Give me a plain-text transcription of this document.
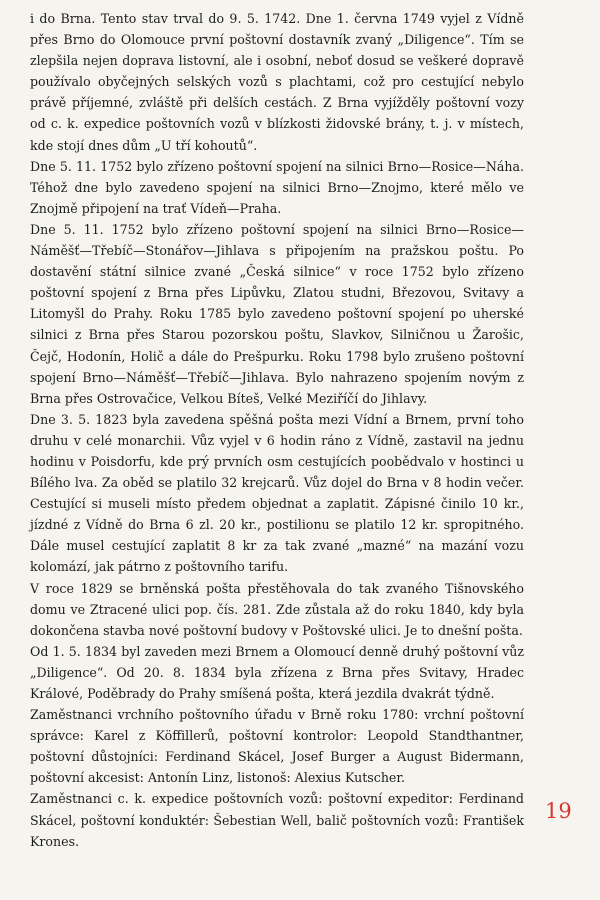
i do Brna. Tento stav trval do 9. 5. 1742. Dne 1. června 1749 vyjel z Vídně přes Brno do Olomouce první poštovní dostavník zvaný „Diligence“. Tím se zlepšila nejen doprava listovní, ale i osobní, neboť dosud se veškeré dopravě používalo obyčejných selských vozů s plachtami, což pro cestující nebylo právě příjemné, zvláště při delších cestách. Z Brna vyjížděly poštovní vozy od c. k. expedice poštovních vozů v blízkosti židovské brány, t. j. v místech, kde stojí dnes dům „U tří kohoutů“.

Dne 5. 11. 1752 bylo zřízeno poštovní spojení na silnici Brno—Rosice—Náha. Téhož dne bylo zavedeno spojení na silnici Brno—Znojmo, které mělo ve Znojmě připojení na trať Vídeň—Praha.

Dne 5. 11. 1752 bylo zřízeno poštovní spojení na silnici Brno—Rosice—Náměšť—Třebíč—Stonářov—Jihlava s připojením na pražskou poštu. Po dostavění státní silnice zvané „Česká silnice“ v roce 1752 bylo zřízeno poštovní spojení z Brna přes Lipůvku, Zlatou studni, Březovou, Svitavy a Litomyšl do Prahy. Roku 1785 bylo zavedeno poštovní spojení po uherské silnici z Brna přes Starou pozorskou poštu, Slavkov, Silničnou u Žarošic, Čejč, Hodonín, Holič a dále do Prešpurku. Roku 1798 bylo zrušeno poštovní spojení Brno—Náměšť—Třebíč—Jihlava. Bylo nahrazeno spojením novým z Brna přes Ostrovačice, Velkou Bíteš, Velké Meziříčí do Jihlavy.

Dne 3. 5. 1823 byla zavedena spěšná pošta mezi Vídní a Brnem, první toho druhu v celé monarchii. Vůz vyjel v 6 hodin ráno z Vídně, zastavil na jednu hodinu v Poisdorfu, kde prý prvních osm cestujících poobědvalo v hostinci u Bílého lva. Za oběd se platilo 32 krejcarů. Vůz dojel do Brna v 8 hodin večer. Cestující si museli místo předem objednat a zaplatit. Zápisné činilo 10 kr., jízdné z Vídně do Brna 6 zl. 20 kr., postilionu se platilo 12 kr. spropitného. Dále musel cestující zaplatit 8 kr za tak zvané „mazné“ na mazání vozu kolomází, jak pátrno z poštovního tarifu.

V roce 1829 se brněnská pošta přestěhovala do tak zvaného Tišnovského domu ve Ztracené ulici pop. čís. 281. Zde zůstala až do roku 1840, kdy byla dokončena stavba nové poštovní budovy v Poštovské ulici. Je to dnešní pošta.

Od 1. 5. 1834 byl zaveden mezi Brnem a Olomoucí denně druhý poštovní vůz „Diligence“. Od 20. 8. 1834 byla zřízena z Brna přes Svitavy, Hradec Králové, Poděbrady do Prahy smíšená pošta, která jezdila dvakrát týdně.

Zaměstnanci vrchního poštovního úřadu v Brně roku 1780: vrchní poštovní správce: Karel z Köffillerů, poštovní kontrolor: Leopold Standthantner, poštovní důstojníci: Ferdinand Skácel, Josef Burger a August Bidermann, poštovní akcesist: Antonín Linz, listonoš: Alexius Kutscher.

Zaměstnanci c. k. expedice poštovních vozů: poštovní expeditor: Ferdinand Skácel, poštovní konduktér: Šebestian Well, balič poštovních vozů: František Krones.

19
